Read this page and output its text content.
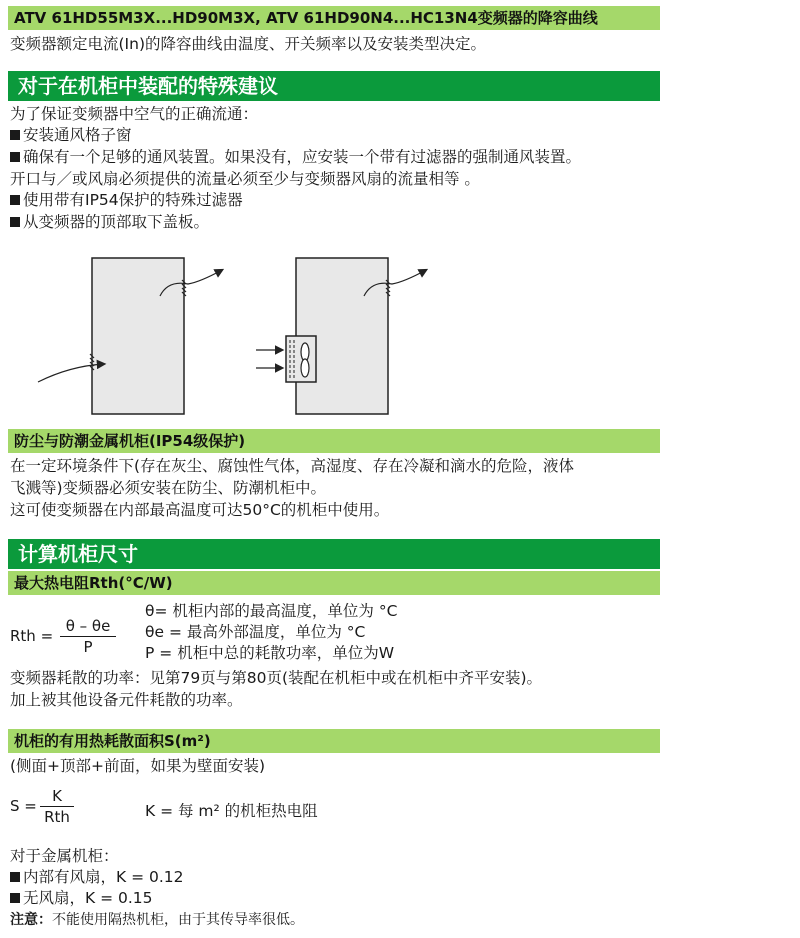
ATV 61HD55M3X...HD90M3X, ATV 61HD90N4...HC13N4变频器的降容曲线
变频器额定电流(In)的降容曲线由温度、开关频率以及安装类型决定。
对于在机柜中装配的特殊建议
为了保证变频器中空气的正确流通：
安装通风格子窗
确保有一个足够的通风装置。如果没有，应安装一个带有过滤器的强制通风装置。
开口与／或风扇必须提供的流量必须至少与变频器风扇的流量相等 。
使用带有IP54保护的特殊过滤器
从变频器的顶部取下盖板。
防尘与防潮金属机柜(IP54级保护)
在一定环境条件下(存在灰尘、腐蚀性气体，高湿度、存在冷凝和滴水的危险，液体
飞溅等)变频器必须安装在防尘、防潮机柜中。
这可使变频器在内部最高温度可达50°C的机柜中使用。
计算机柜尺寸
最大热电阻Rth(°C/W)
Rth = $\frac{\theta - \theta e}{P}$
θ= 机柜内部的最高温度，单位为 °C
θe = 最高外部温度，单位为 °C
P = 机柜中总的耗散功率，单位为W
变频器耗散的功率：见第79页与第80页(装配在机柜中或在机柜中齐平安装)。
加上被其他设备元件耗散的功率。
机柜的有用热耗散面积S(m²)
(侧面+顶部+前面，如果为壁面安装)
S =
K
Rth	K = 每 m² 的机柜热电阻
对于金属机柜：
内部有风扇，K = 0.12
无风扇，K = 0.15
注意：不能使用隔热机柜，由于其传导率很低。
